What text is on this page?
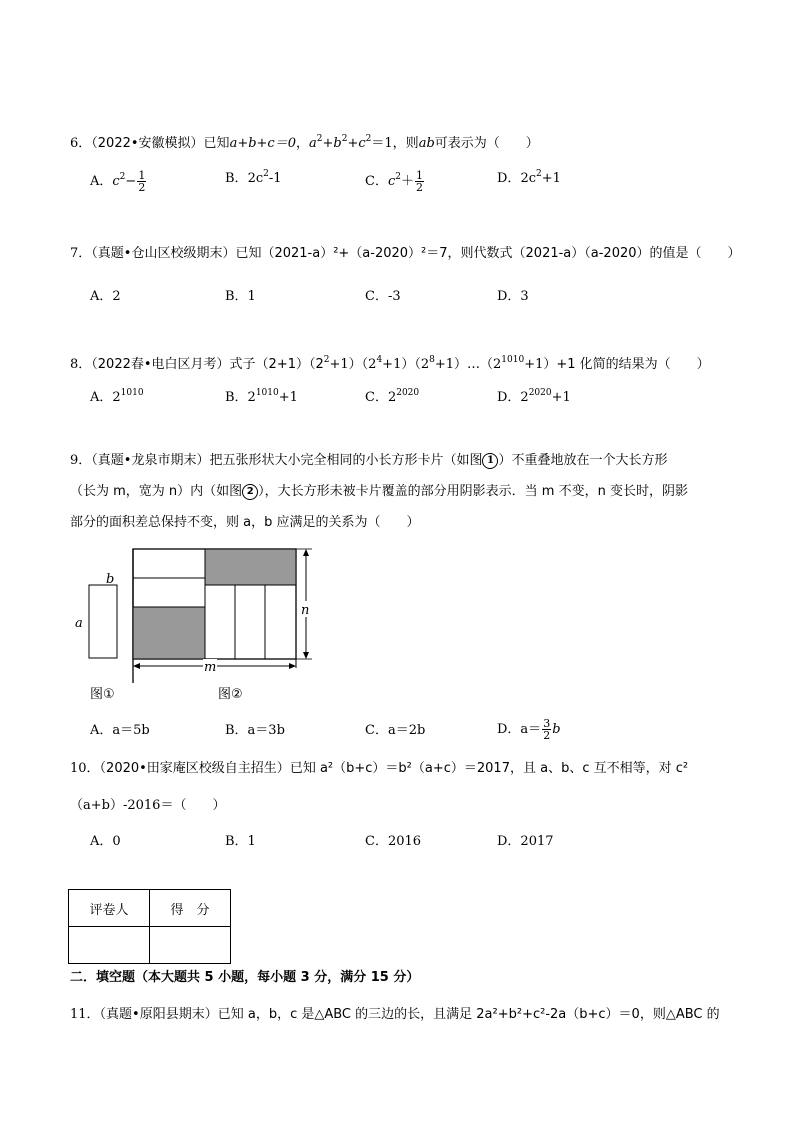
6．（2022•安徽模拟）已知a+b+c＝0，$a^2+b^2+c^2=1$，则ab可表示为（　　）
A．$c^2- \frac{1}{2}$	B．$2c^2-1$	C．$c^2+ \frac{1}{2}$	D．$2c^2+1$
7．（真题•仓山区校级期末）已知（2021-a）²+（a-2020）²＝7，则代数式（2021-a）（a-2020）的值是（　　）
A．2	B．1	C．-3	D．3
8．（2022春•电白区月考）式子$(2+1)(2^2+1)(2^4+1)(2^8+1)\dots(2^{1010}+1)+1$ 化简的结果为（　　）
A．$2^{1010}$	B．$2^{1010}+1$	C．$2^{2020}$	D．$2^{2020}+1$
9．（真题•龙泉市期末）把五张形状大小完全相同的小长方形卡片（如图 1 ）不重叠地放在一个大长方形
（长为 m，宽为 n）内（如图 2 ），大长方形未被卡片覆盖的部分用阴影表示．当 m 不变，n 变长时，阴影
部分的面积差总保持不变，则 a，b 应满足的关系为（　　）
b
a
n
m
图①	图②
A．a＝5b	B．a＝3b	C．a＝2b	D．$a= \frac{3}{2}$ b
10．（2020•田家庵区校级自主招生）已知 a²（b+c）＝b²（a+c）＝2017，且 a、b、c 互不相等，对 c²
（a+b）-2016＝（　　）
A．0	B．1	C．2016	D．2017
评卷人	得　分

二．填空题（本大题共 5 小题，每小题 3 分，满分 15 分）
11．（真题•原阳县期末）已知 a，b，c 是△ABC 的三边的长，且满足 2a²+b²+c²-2a（b+c）＝0，则△ABC 的
